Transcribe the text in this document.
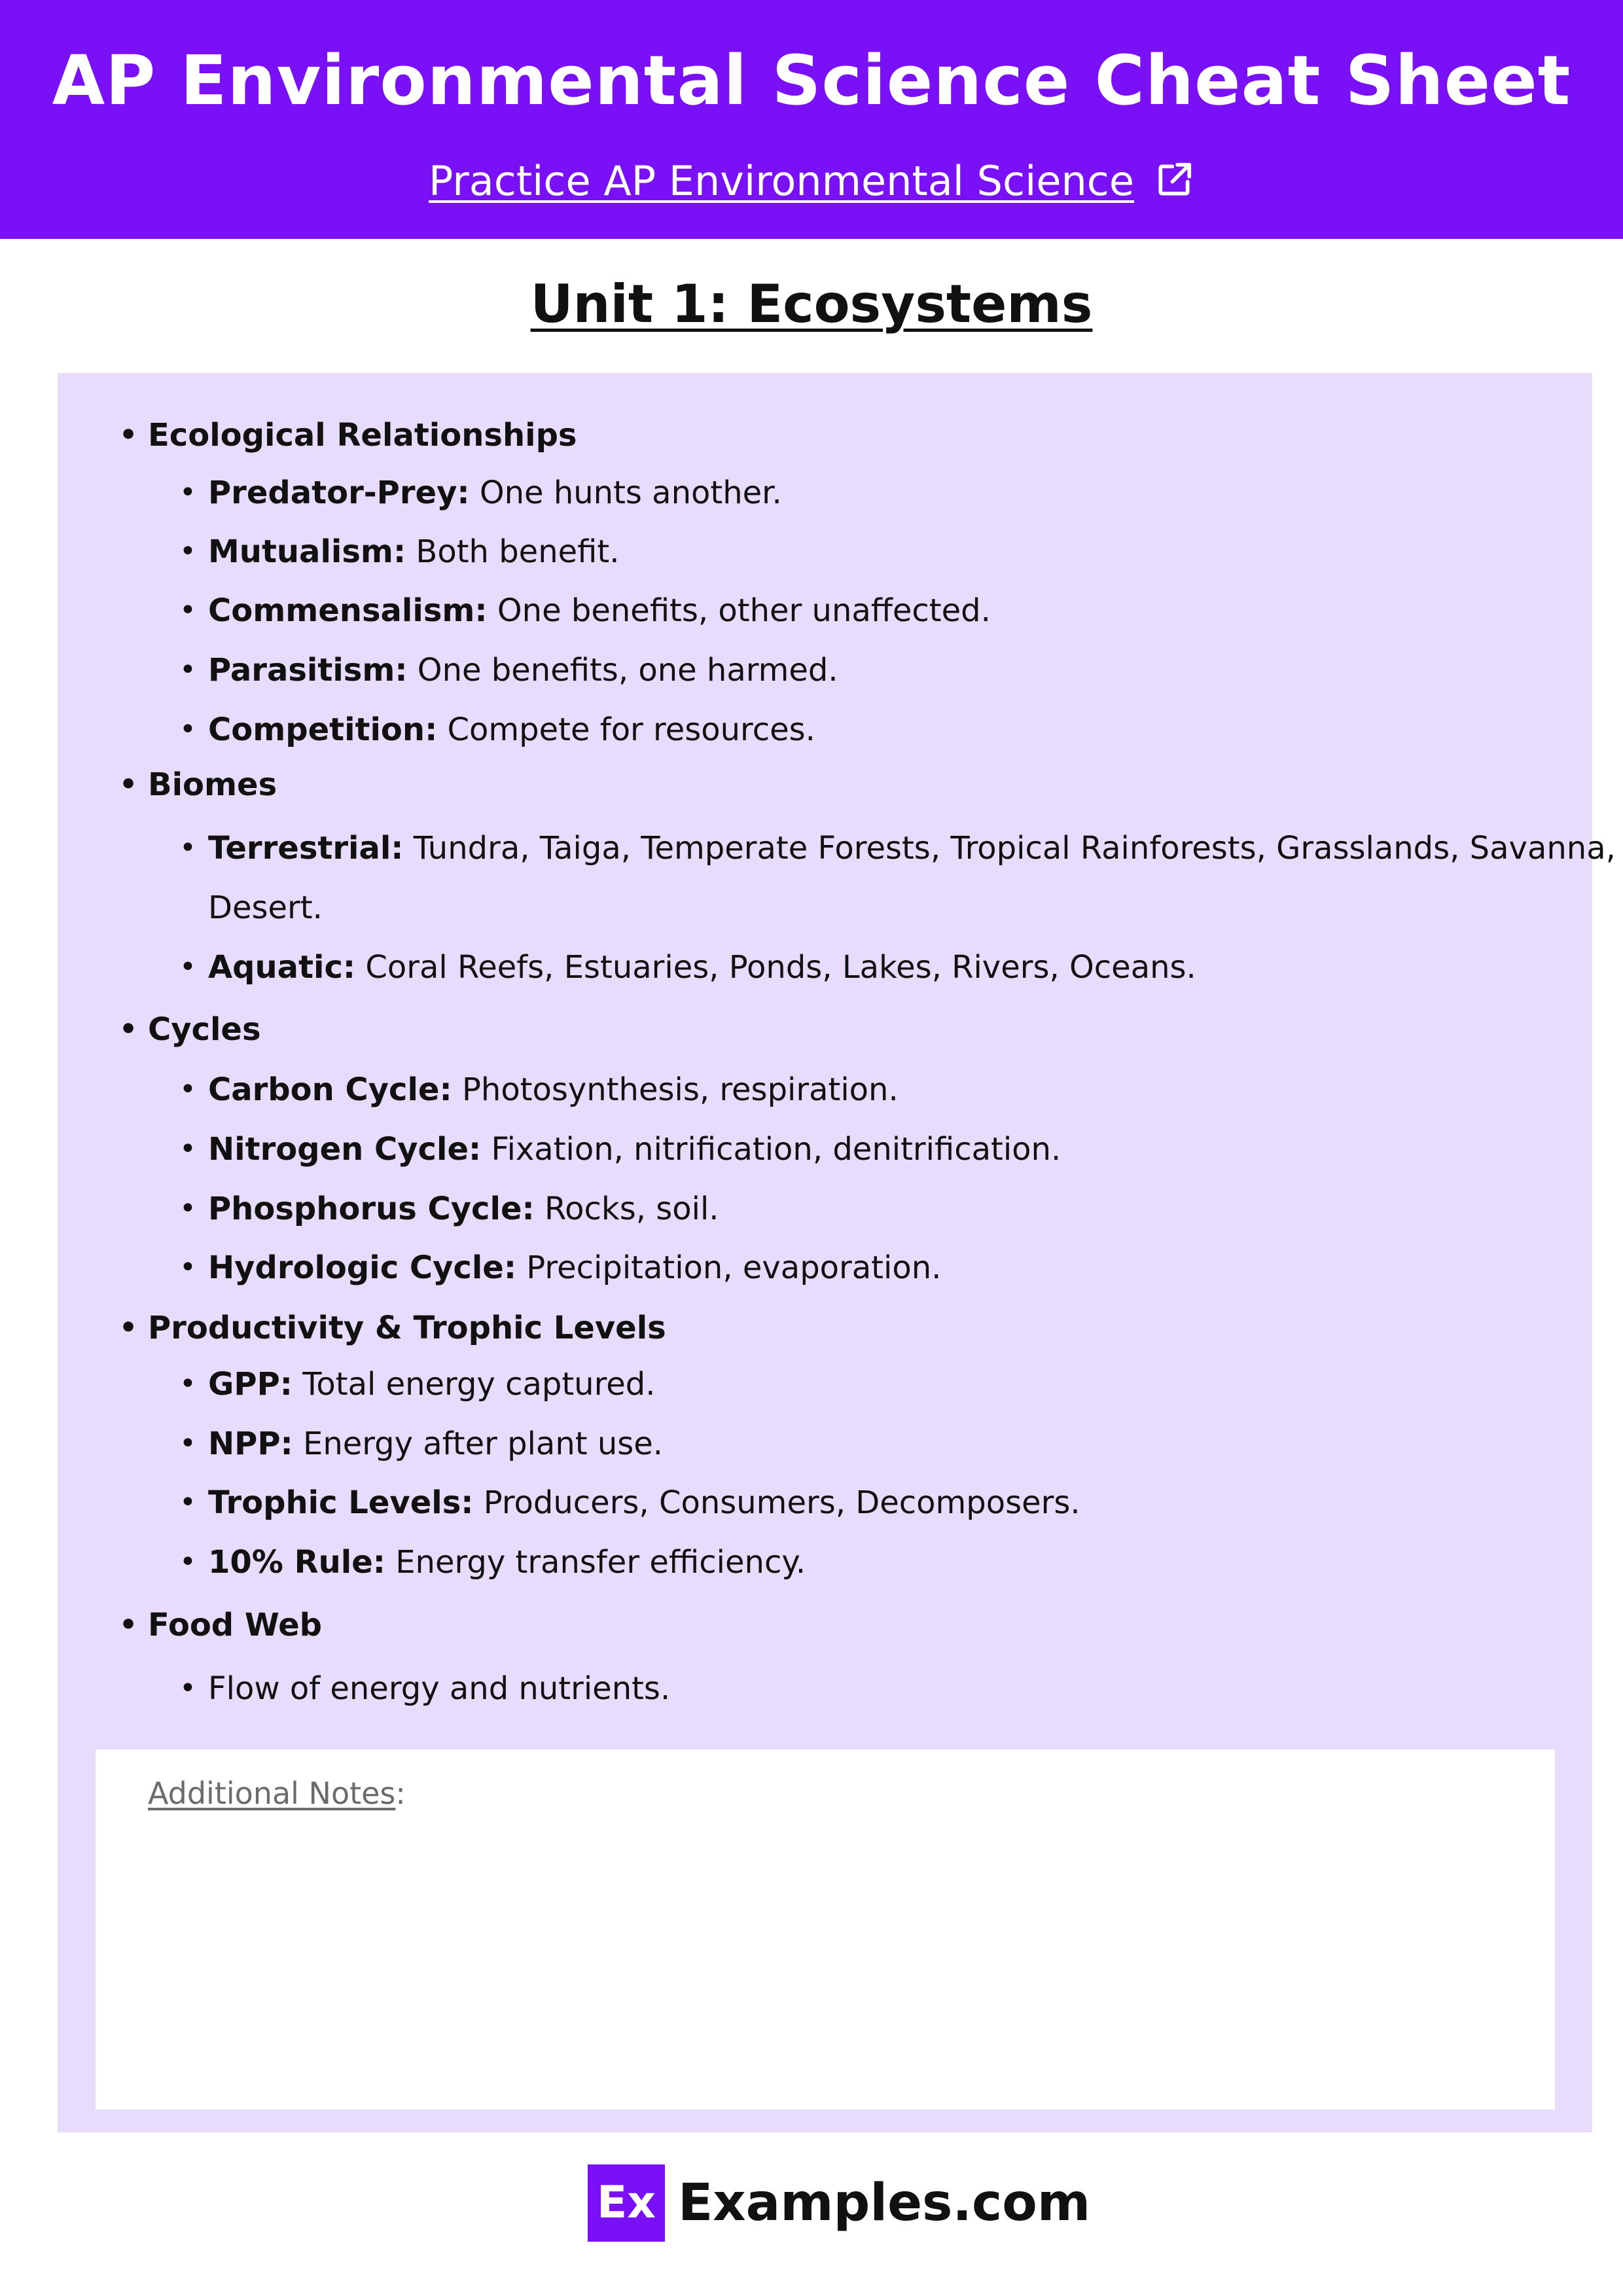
AP Environmental Science Cheat Sheet
Practice AP Environmental Science
Unit 1: Ecosystems
• Ecological Relationships
• Predator-Prey: One hunts another.
• Mutualism: Both benefit.
• Commensalism: One benefits, other unaffected.
• Parasitism: One benefits, one harmed.
• Competition: Compete for resources.
• Biomes
• Terrestrial: Tundra, Taiga, Temperate Forests, Tropical Rainforests, Grasslands, Savanna,
Desert.
• Aquatic: Coral Reefs, Estuaries, Ponds, Lakes, Rivers, Oceans.
• Cycles
• Carbon Cycle: Photosynthesis, respiration.
• Nitrogen Cycle: Fixation, nitrification, denitrification.
• Phosphorus Cycle: Rocks, soil.
• Hydrologic Cycle: Precipitation, evaporation.
• Productivity & Trophic Levels
• GPP: Total energy captured.
• NPP: Energy after plant use.
• Trophic Levels: Producers, Consumers, Decomposers.
• 10% Rule: Energy transfer efficiency.
• Food Web
• Flow of energy and nutrients.
Additional Notes:
Ex Examples.com
